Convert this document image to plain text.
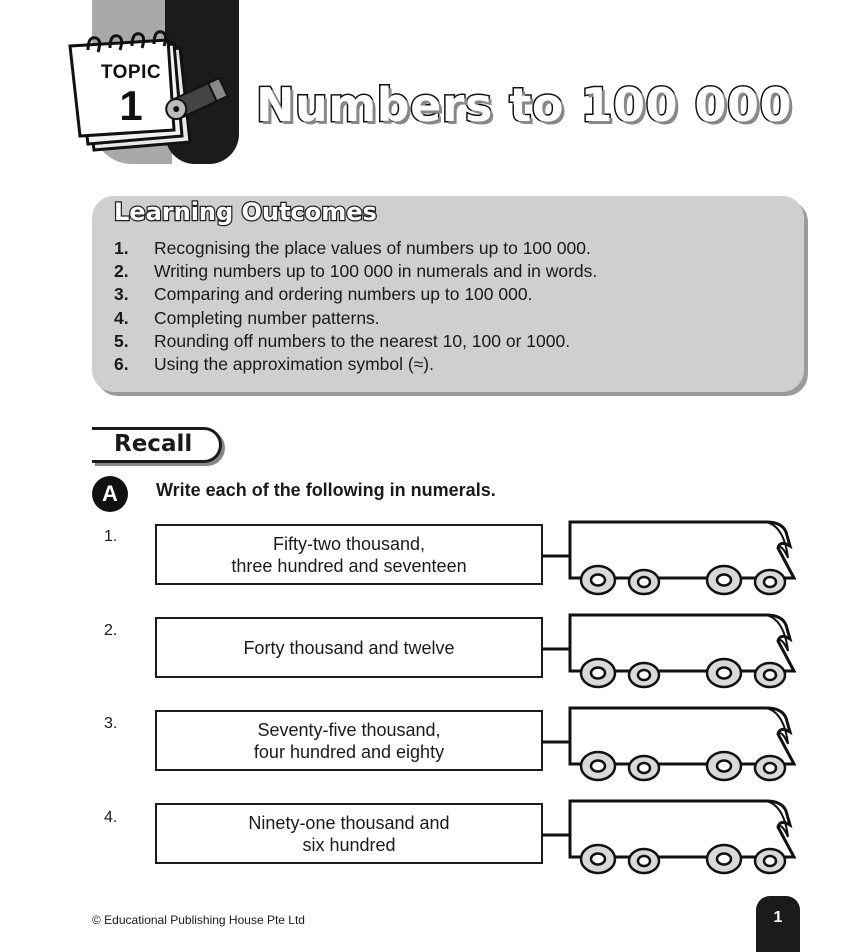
TOPIC
1 Numbers to 100 000
Learning Outcomes
1. Recognising the place values of numbers up to 100 000.
2. Writing numbers up to 100 000 in numerals and in words.
3. Comparing and ordering numbers up to 100 000.
4. Completing number patterns.
5. Rounding off numbers to the nearest 10, 100 or 1000.
6. Using the approximation symbol (≈).
Recall
A	Write each of the following in numerals.
1.	Fifty-two thousand,
three hundred and seventeen
2.
Forty thousand and twelve
3.	Seventy-five thousand,
four hundred and eighty
4.	Ninety-one thousand and
six hundred
© Educational Publishing House Pte Ltd	1
